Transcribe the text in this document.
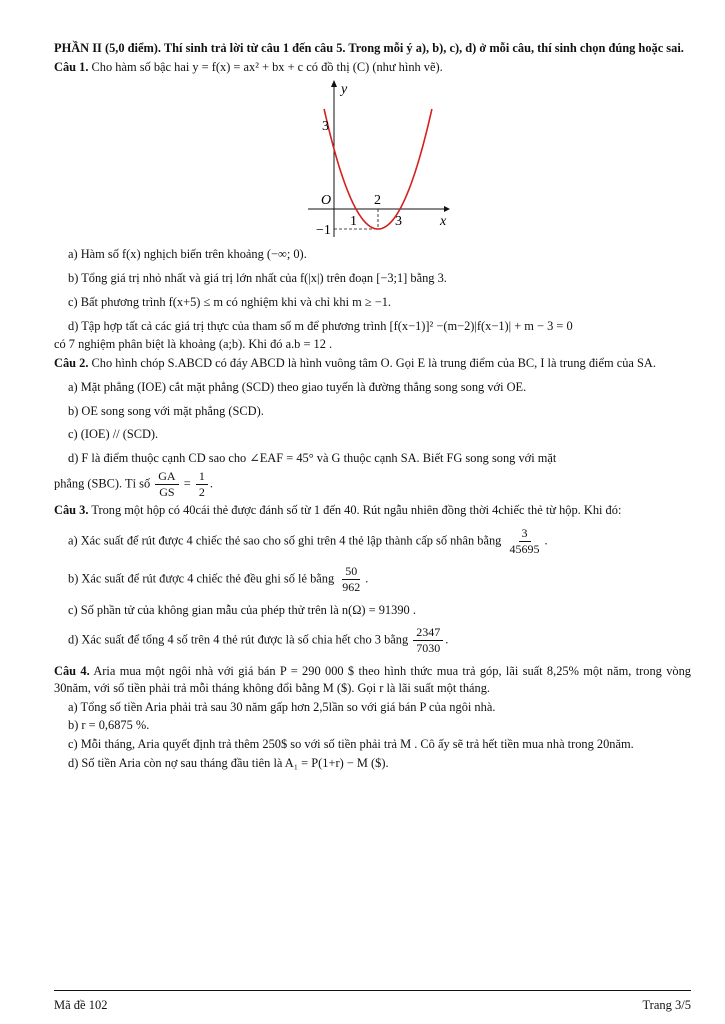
PHẦN II (5,0 điểm). Thí sinh trả lời từ câu 1 đến câu 5. Trong mỗi ý a), b), c), d) ở mỗi câu, thí sinh chọn đúng hoặc sai.

Câu 1. Cho hàm số bậc hai y = f(x) = ax² + bx + c có đồ thị (C) (như hình vẽ).

y
x
O
3
2
1	3
−1

a) Hàm số f(x) nghịch biến trên khoảng (−∞; 0).

b) Tổng giá trị nhỏ nhất và giá trị lớn nhất của f(|x|) trên đoạn [−3;1] bằng 3.

c) Bất phương trình f(x+5) ≤ m có nghiệm khi và chỉ khi m ≥ −1.

d) Tập hợp tất cả các giá trị thực của tham số m để phương trình [f(x−1)]² −(m−2)|f(x−1)| + m − 3 = 0

có 7 nghiệm phân biệt là khoảng (a;b). Khi đó a.b = 12 .

Câu 2. Cho hình chóp S.ABCD có đáy ABCD là hình vuông tâm O. Gọi E là trung điểm của BC, I là trung điểm của SA.

a) Mặt phẳng (IOE) cắt mặt phẳng (SCD) theo giao tuyến là đường thẳng song song với OE.

b) OE song song với mặt phẳng (SCD).

c) (IOE) // (SCD).

d) F là điểm thuộc cạnh CD sao cho ∠EAF = 45° và G thuộc cạnh SA. Biết FG song song với mặt

phẳng (SBC). Tỉ số $\frac{GA}{GS} = \frac{1}{2}$ .

Câu 3. Trong một hộp có 40cái thẻ được đánh số từ 1 đến 40. Rút ngẫu nhiên đồng thời 4chiếc thẻ từ hộp. Khi đó:

a) Xác suất để rút được 4 chiếc thẻ sao cho số ghi trên 4 thẻ lập thành cấp số nhân bằng $\frac{3}{45695}$ .

b) Xác suất để rút được 4 chiếc thẻ đều ghi số lẻ bằng $\frac{50}{962}$ .

c) Số phần tử của không gian mẫu của phép thử trên là n(Ω) = 91390 .

d) Xác suất để tổng 4 số trên 4 thẻ rút được là số chia hết cho 3 bằng $\frac{2347}{7030}$ .

Câu 4. Aria mua một ngôi nhà với giá bán P = 290 000 $ theo hình thức mua trả góp, lãi suất 8,25% một năm, trong vòng 30năm, với số tiền phải trả mỗi tháng không đổi bằng M ($). Gọi r là lãi suất một tháng.

a) Tổng số tiền Aria phải trả sau 30 năm gấp hơn 2,5lần so với giá bán P của ngôi nhà.

b) r = 0,6875 %.

c) Mỗi tháng, Aria quyết định trả thêm 250$ so với số tiền phải trả M . Cô ấy sẽ trả hết tiền mua nhà trong 20năm.

d) Số tiền Aria còn nợ sau tháng đầu tiên là A₁ = P(1+r) − M ($).

Mã đề 102	Trang 3/5
